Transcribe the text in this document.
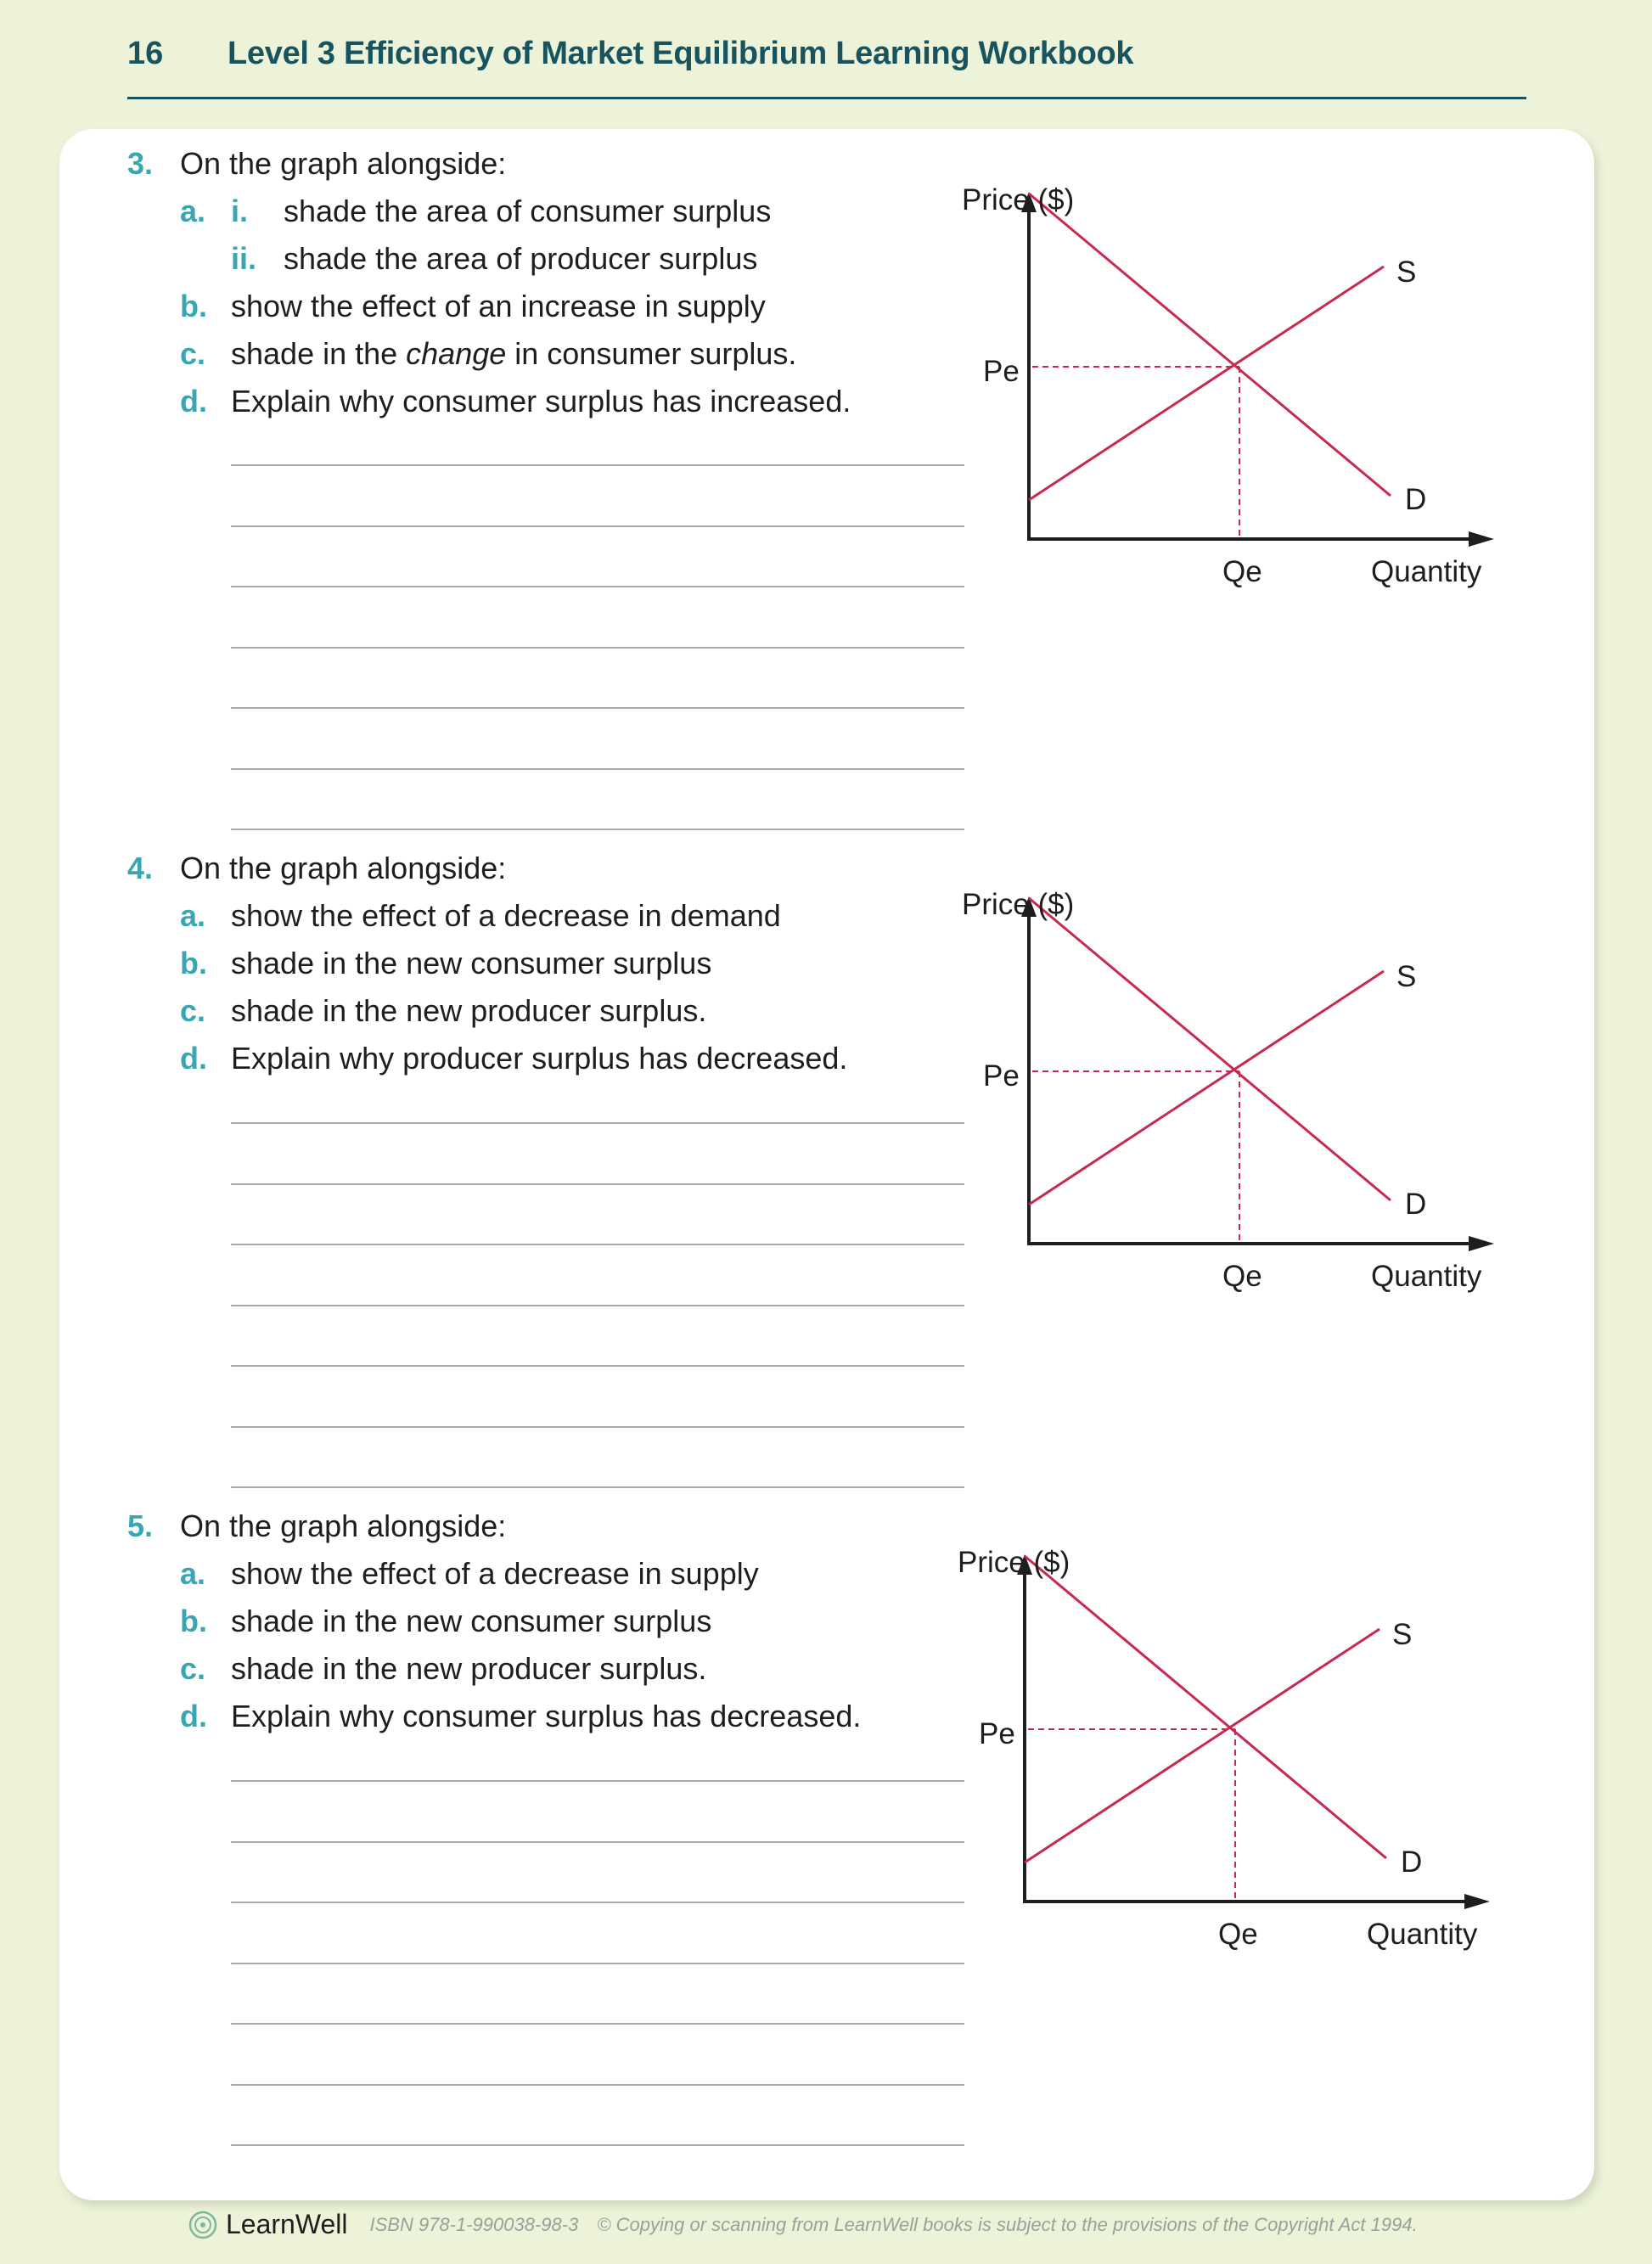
16 Level 3 Efficiency of Market Equilibrium Learning Workbook
3. On the graph alongside:
a. i. shade the area of consumer surplus
ii. shade the area of producer surplus
b. show the effect of an increase in supply
c. shade in the change in consumer surplus.
d. Explain why consumer surplus has increased.
Price ($)
Pe
Qe	Quantity
S
D
4. On the graph alongside:
a. show the effect of a decrease in demand
b. shade in the new consumer surplus
c. shade in the new producer surplus.
d. Explain why producer surplus has decreased.
Price ($)
Pe
Qe	Quantity
S
D
5. On the graph alongside:
a. show the effect of a decrease in supply
b. shade in the new consumer surplus
c. shade in the new producer surplus.
d. Explain why consumer surplus has decreased.
Price ($)
Pe
Qe	Quantity
S
D
LearnWell ISBN 978-1-990038-98-3 © Copying or scanning from LearnWell books is subject to the provisions of the Copyright Act 1994.
